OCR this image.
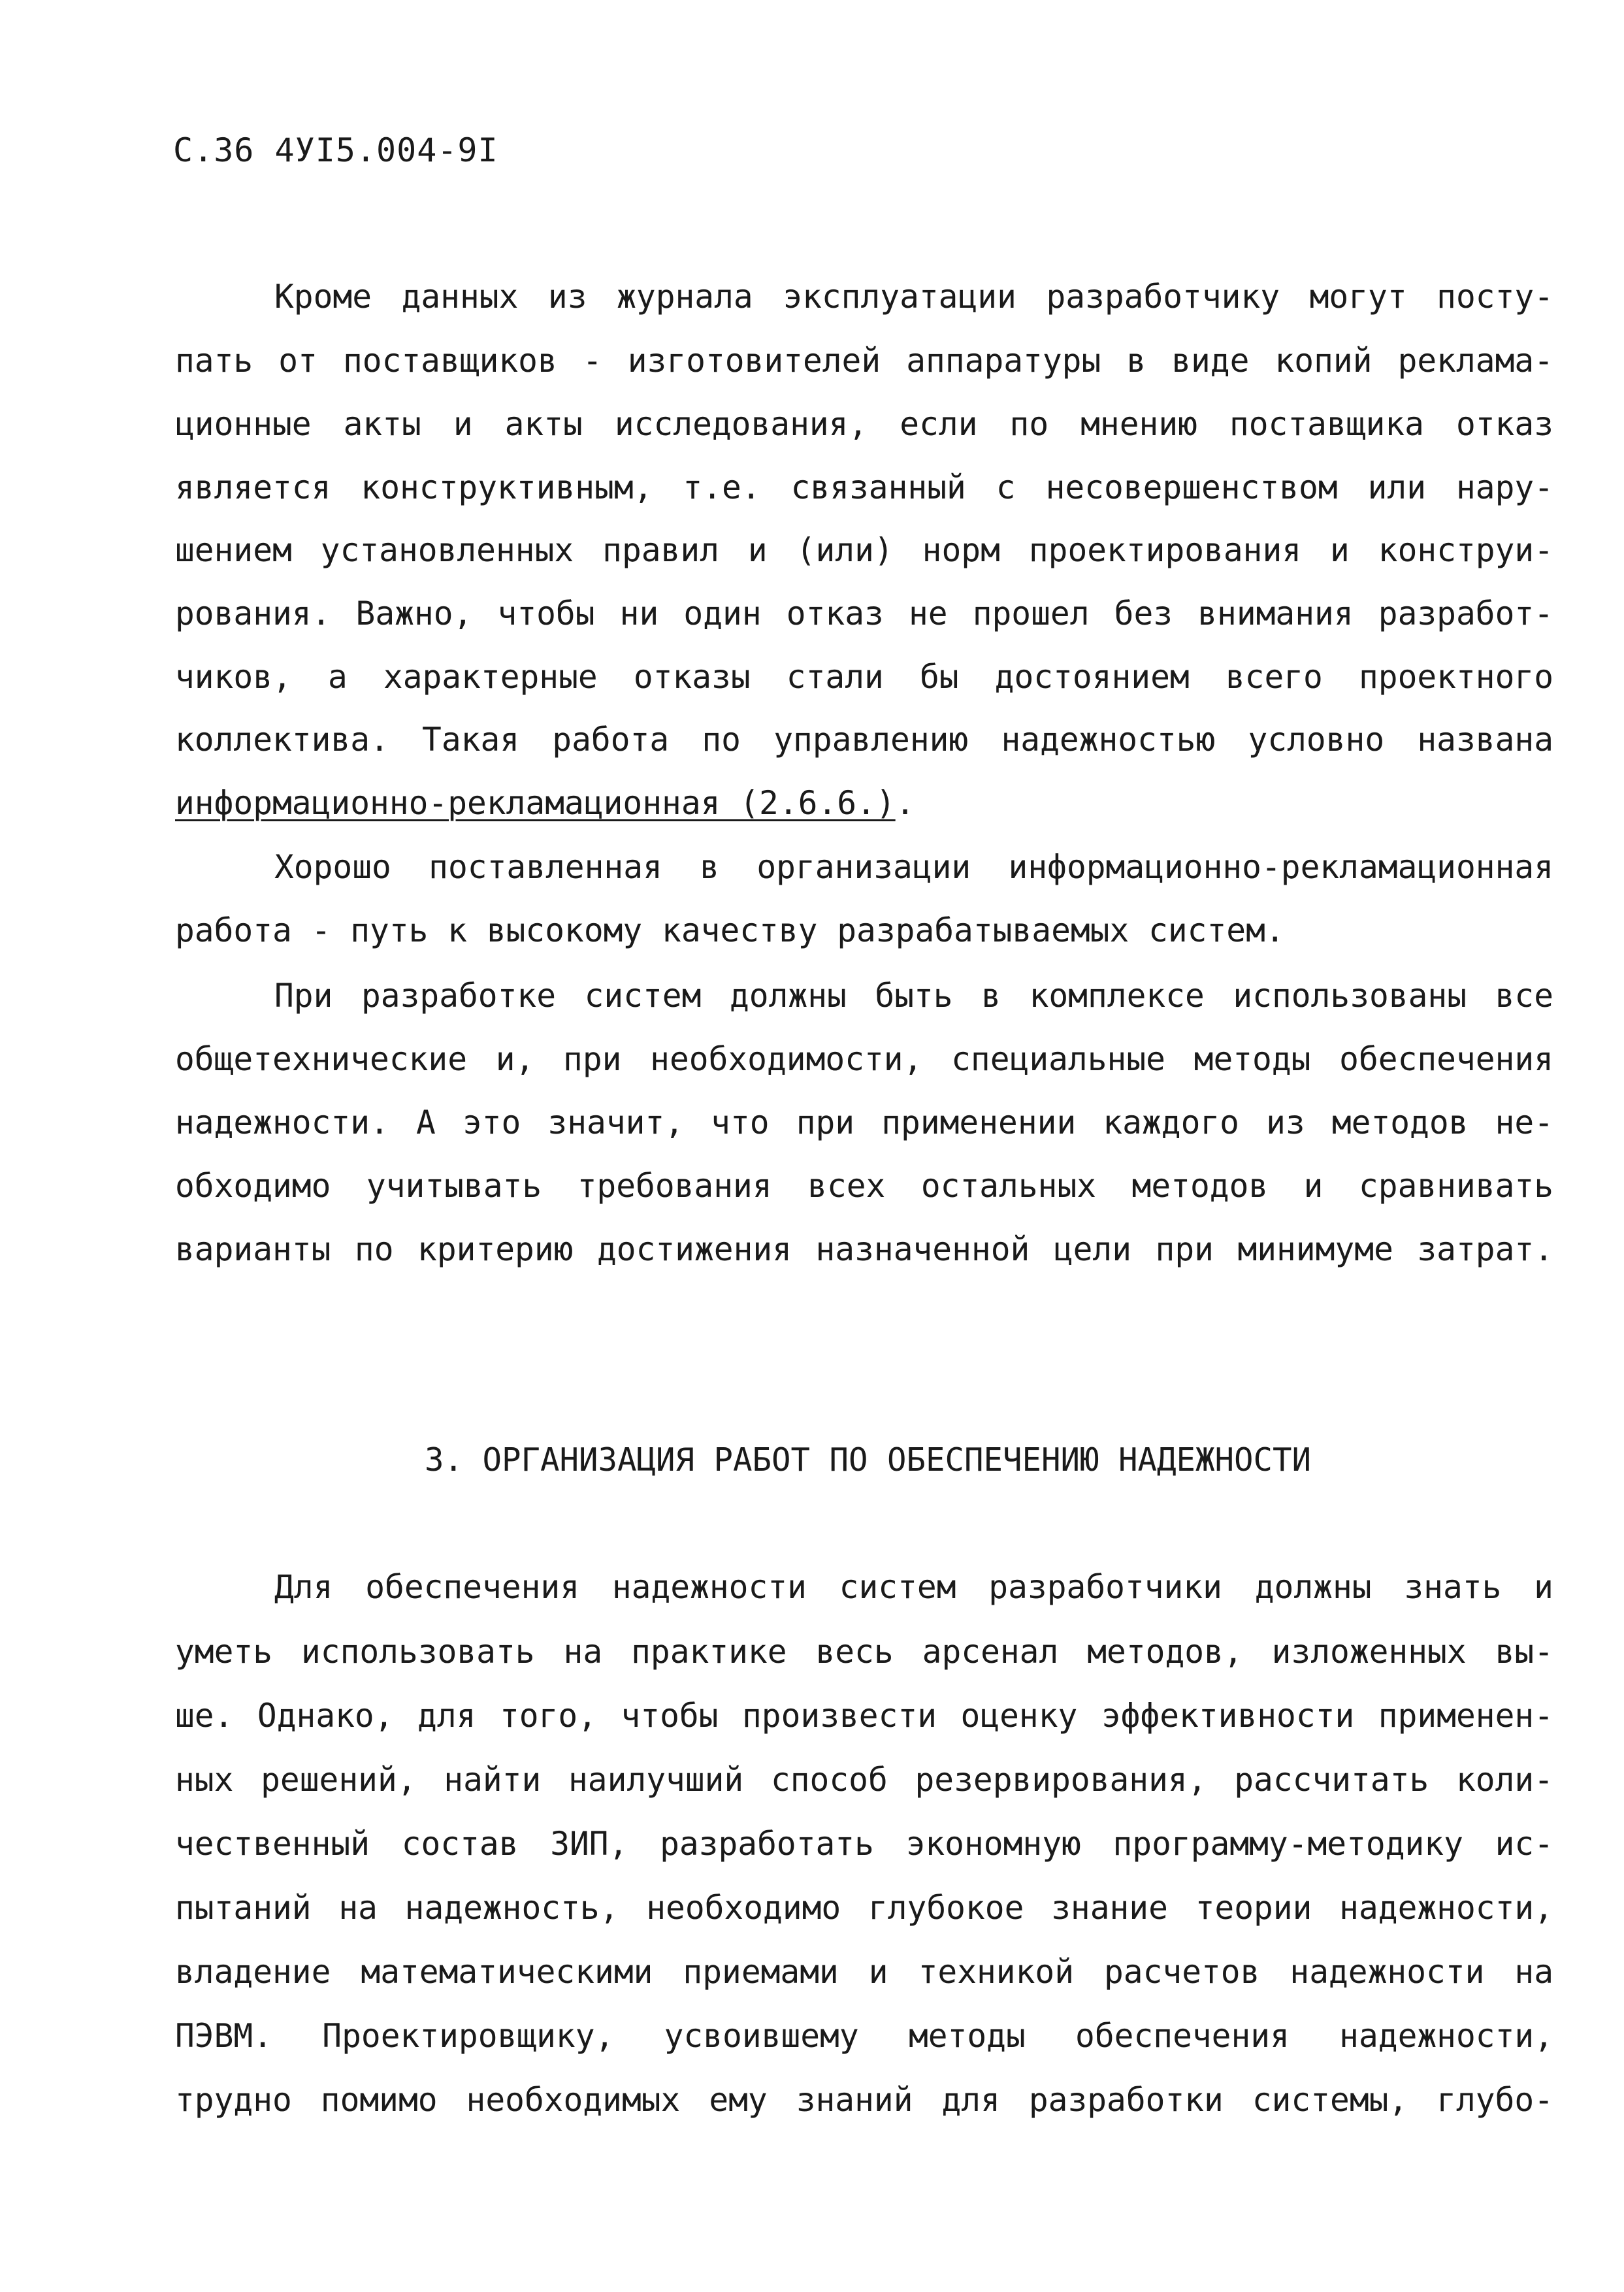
С.36 4УI5.004-9I
Кроме данных из журнала эксплуатации разработчику могут посту-
пать от поставщиков - изготовителей аппаратуры в виде копий реклама-
ционные акты и акты исследования, если по мнению поставщика отказ
является конструктивным, т.е. связанный с несовершенством или нару-
шением установленных правил и (или) норм проектирования и конструи-
рования. Важно, чтобы ни один отказ не прошел без внимания разработ-
чиков, а характерные отказы стали бы достоянием всего проектного
коллектива. Такая работа по управлению надежностью условно названа
информационно-рекламационная (2.6.6.).
Хорошо поставленная в организации информационно-рекламационная
работа - путь к высокому качеству разрабатываемых систем.
При разработке систем должны быть в комплексе использованы все
общетехнические и, при необходимости, специальные методы обеспечения
надежности. А это значит, что при применении каждого из методов не-
обходимо учитывать требования всех остальных методов и сравнивать
варианты по критерию достижения назначенной цели при минимуме затрат.
3. ОРГАНИЗАЦИЯ РАБОТ ПО ОБЕСПЕЧЕНИЮ НАДЕЖНОСТИ
Для обеспечения надежности систем разработчики должны знать и
уметь использовать на практике весь арсенал методов, изложенных вы-
ше. Однако, для того, чтобы произвести оценку эффективности применен-
ных решений, найти наилучший способ резервирования, рассчитать коли-
чественный состав ЗИП, разработать экономную программу-методику ис-
пытаний на надежность, необходимо глубокое знание теории надежности,
владение математическими приемами и техникой расчетов надежности на
ПЭВМ. Проектировщику, усвоившему методы обеспечения надежности,
трудно помимо необходимых ему знаний для разработки системы, глубо-
